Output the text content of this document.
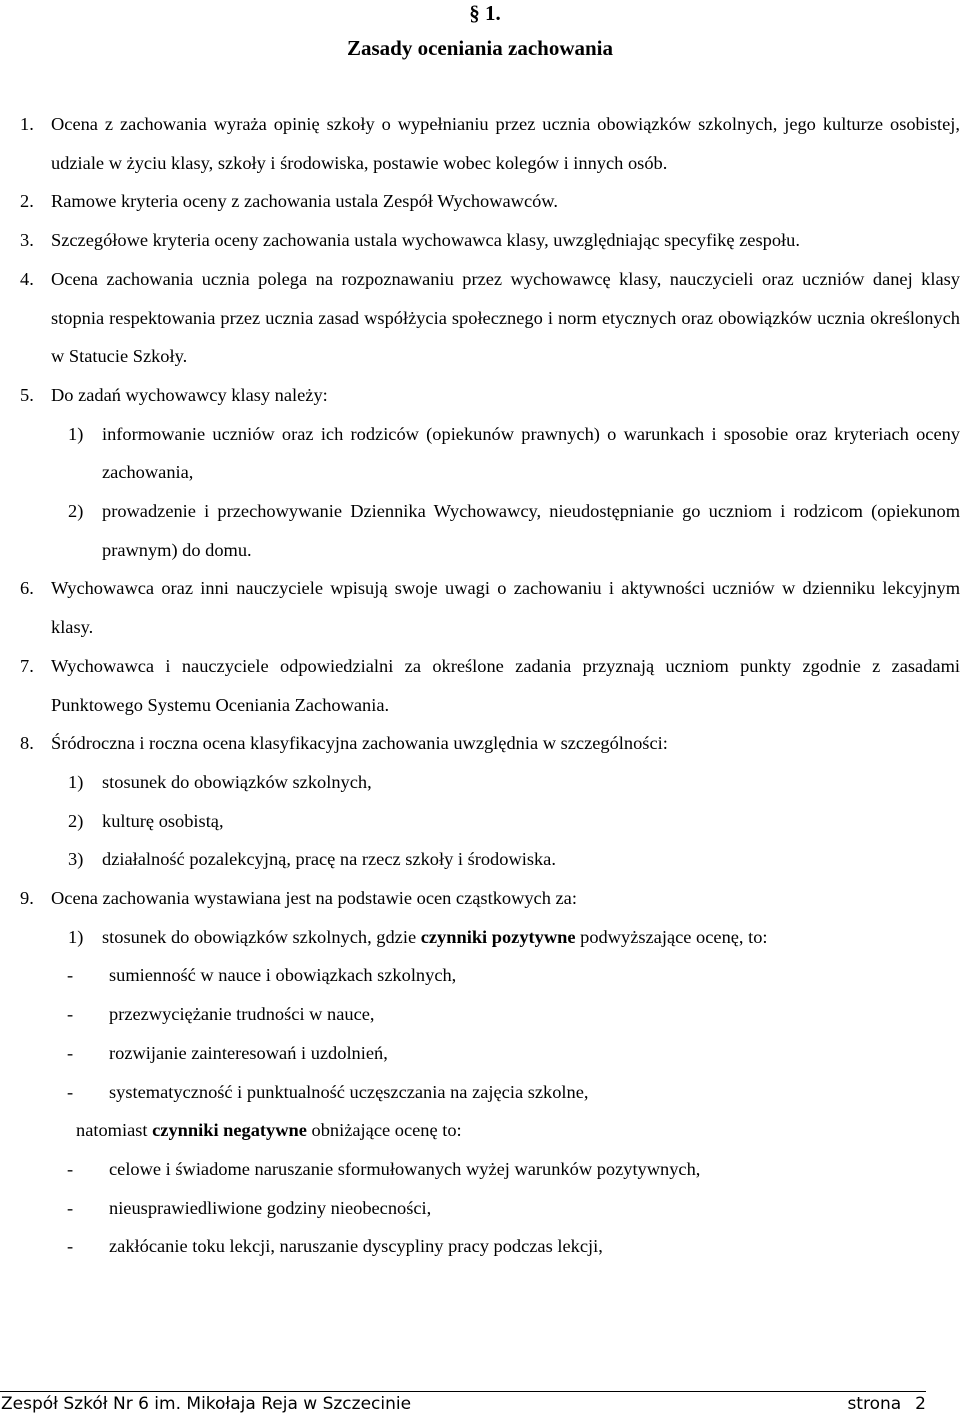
§ 1.
Zasady oceniania zachowania
1. Ocena z zachowania wyraża opinię szkoły o wypełnianiu przez ucznia obowiązków szkolnych, jego kulturze osobistej, udziale w życiu klasy, szkoły i środowiska, postawie wobec kolegów i innych osób.
2. Ramowe kryteria oceny z zachowania ustala Zespół Wychowawców.
3. Szczegółowe kryteria oceny zachowania ustala wychowawca klasy, uwzględniając specyfikę zespołu.
4. Ocena zachowania ucznia polega na rozpoznawaniu przez wychowawcę klasy, nauczycieli oraz uczniów danej klasy stopnia respektowania przez ucznia zasad współżycia społecznego i norm etycznych oraz obowiązków ucznia określonych w Statucie Szkoły.
5. Do zadań wychowawcy klasy należy:
1) informowanie uczniów oraz ich rodziców (opiekunów prawnych) o warunkach i sposobie oraz kryteriach oceny zachowania,
2) prowadzenie i przechowywanie Dziennika Wychowawcy, nieudostępnianie go uczniom i rodzicom (opiekunom prawnym) do domu.
6. Wychowawca oraz inni nauczyciele wpisują swoje uwagi o zachowaniu i aktywności uczniów w dzienniku lekcyjnym klasy.
7. Wychowawca i nauczyciele odpowiedzialni za określone zadania przyznają uczniom punkty zgodnie z zasadami Punktowego Systemu Oceniania Zachowania.
8. Śródroczna i roczna ocena klasyfikacyjna zachowania uwzględnia w szczególności:
1) stosunek do obowiązków szkolnych,
2) kulturę osobistą,
3) działalność pozalekcyjną, pracę na rzecz szkoły i środowiska.
9. Ocena zachowania wystawiana jest na podstawie ocen cząstkowych za:
1) stosunek do obowiązków szkolnych, gdzie czynniki pozytywne podwyższające ocenę, to:
- sumienność w nauce i obowiązkach szkolnych,
- przezwyciężanie trudności w nauce,
- rozwijanie zainteresowań i uzdolnień,
- systematyczność i punktualność uczęszczania na zajęcia szkolne,
natomiast czynniki negatywne obniżające ocenę to:
- celowe i świadome naruszanie sformułowanych wyżej warunków pozytywnych,
- nieusprawiedliwione godziny nieobecności,
- zakłócanie toku lekcji, naruszanie dyscypliny pracy podczas lekcji,
Zespół Szkół Nr 6 im. Mikołaja Reja w Szczecinie	strona 2
